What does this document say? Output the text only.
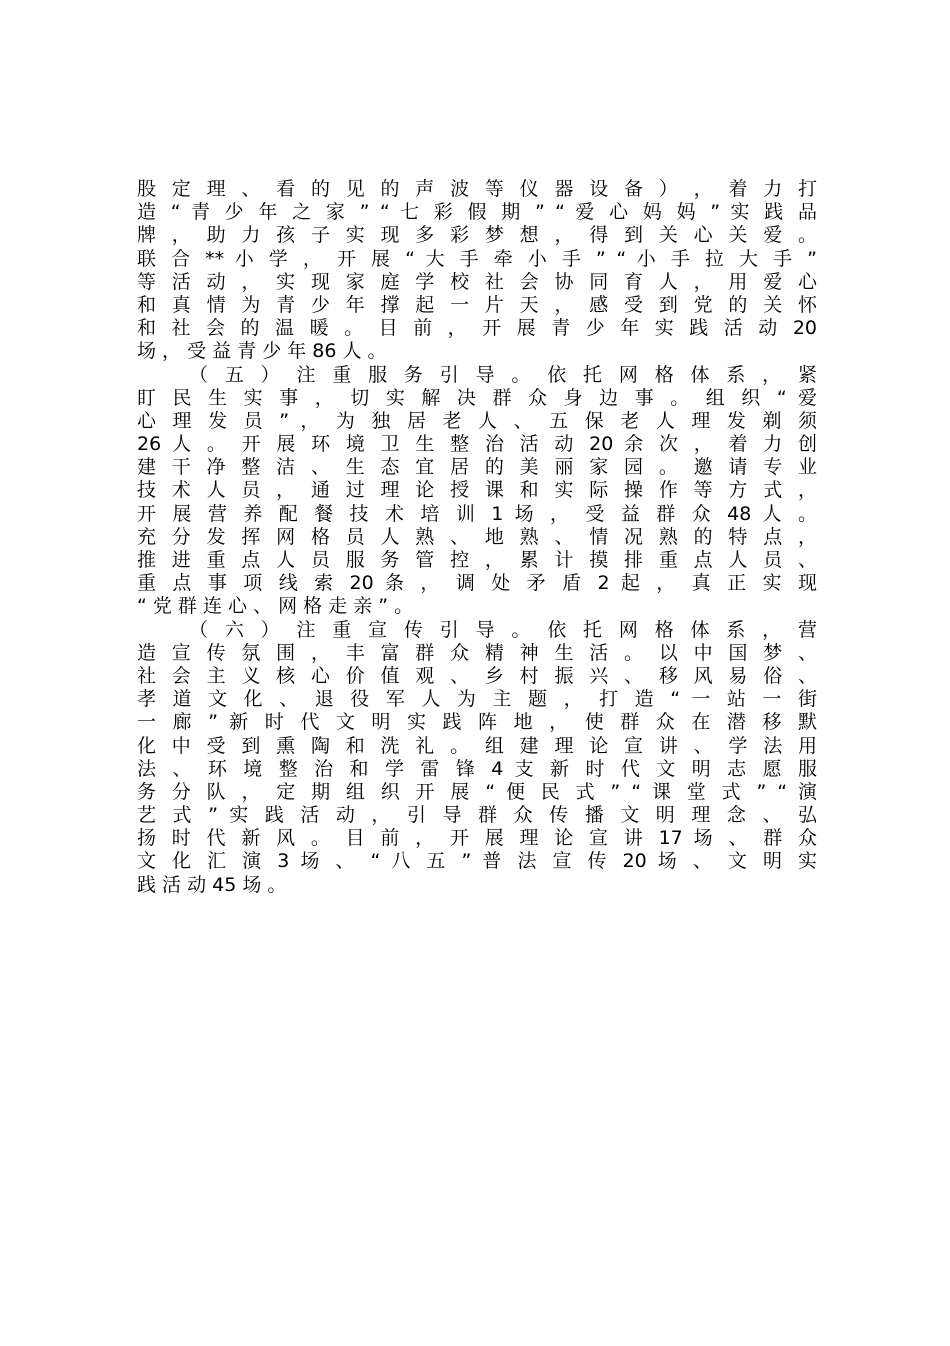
股 定 理 、 看 的 见 的 声 波 等 仪 器 设 备 ） ， 着 力 打
造 “ 青 少 年 之 家 ” “ 七 彩 假 期 ” “ 爱 心 妈 妈 ” 实 践 品
牌 ， 助 力 孩 子 实 现 多 彩 梦 想 ， 得 到 关 心 关 爱 。
联 合 ** 小 学 ， 开 展 “ 大 手 牵 小 手 ” “ 小 手 拉 大 手 ”
等 活 动 ， 实 现 家 庭 学 校 社 会 协 同 育 人 ， 用 爱 心
和 真 情 为 青 少 年 撑 起 一 片 天 ， 感 受 到 党 的 关 怀
和 社 会 的 温 暖 。 目 前 ， 开 展 青 少 年 实 践 活 动 20
场 ， 受 益 青 少 年 86 人 。
（ 五 ） 注 重 服 务 引 导 。 依 托 网 格 体 系 ， 紧
盯 民 生 实 事 ， 切 实 解 决 群 众 身 边 事 。 组 织 “ 爱
心 理 发 员 ” ， 为 独 居 老 人 、 五 保 老 人 理 发 剃 须
26 人 。 开 展 环 境 卫 生 整 治 活 动 20 余 次 ， 着 力 创
建 干 净 整 洁 、 生 态 宜 居 的 美 丽 家 园 。 邀 请 专 业
技 术 人 员 ， 通 过 理 论 授 课 和 实 际 操 作 等 方 式 ，
开 展 营 养 配 餐 技 术 培 训 1 场 ， 受 益 群 众 48 人 。
充 分 发 挥 网 格 员 人 熟 、 地 熟 、 情 况 熟 的 特 点 ，
推 进 重 点 人 员 服 务 管 控 ， 累 计 摸 排 重 点 人 员 、
重 点 事 项 线 索 20 条 ， 调 处 矛 盾 2 起 ， 真 正 实 现
“ 党 群 连 心 、 网 格 走 亲 ” 。
（ 六 ） 注 重 宣 传 引 导 。 依 托 网 格 体 系 ， 营
造 宣 传 氛 围 ， 丰 富 群 众 精 神 生 活 。 以 中 国 梦 、
社 会 主 义 核 心 价 值 观 、 乡 村 振 兴 、 移 风 易 俗 、
孝 道 文 化 、 退 役 军 人 为 主 题 ， 打 造 “ 一 站 一 街
一 廊 ” 新 时 代 文 明 实 践 阵 地 ， 使 群 众 在 潜 移 默
化 中 受 到 熏 陶 和 洗 礼 。 组 建 理 论 宣 讲 、 学 法 用
法 、 环 境 整 治 和 学 雷 锋 4 支 新 时 代 文 明 志 愿 服
务 分 队 ， 定 期 组 织 开 展 “ 便 民 式 ” “ 课 堂 式 ” “ 演
艺 式 ” 实 践 活 动 ， 引 导 群 众 传 播 文 明 理 念 、 弘
扬 时 代 新 风 。 目 前 ， 开 展 理 论 宣 讲 17 场 、 群 众
文 化 汇 演 3 场 、 “ 八 五 ” 普 法 宣 传 20 场 、 文 明 实
践 活 动 45 场 。
